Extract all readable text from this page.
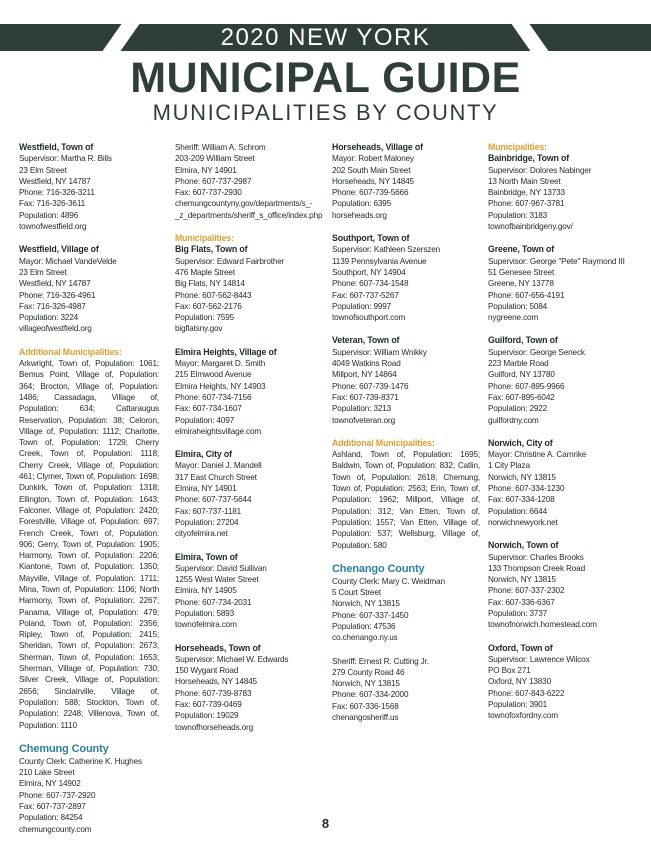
2020 NEW YORK
MUNICIPAL GUIDE
MUNICIPALITIES BY COUNTY
Westfield, Town of
Supervisor: Martha R. Bills
23 Elm Street
Westfield, NY 14787
Phone: 716-326-3211
Fax: 716-326-3611
Population: 4896
townofwestfield.org
Westfield, Village of
Mayor: Michael VandeVelde
23 Elm Street
Westfield, NY 14787
Phone: 716-326-4961
Fax: 716-326-4987
Population: 3224
villageofwestfield.org
Additional Municipalities:
Arkwright, Town of, Population: 1061; Bemus Point, Village of, Population: 364; Brocton, Village of, Population: 1486; Cassadaga, Village of, Population: 634; Cattaraugus Reservation, Population: 38; Celoron, Village of, Population: 1112; Charlotte, Town of, Population: 1729; Cherry Creek, Town of, Population: 1118; Cherry Creek, Village of, Population: 461; Clymer, Town of, Population: 1698; Dunkirk, Town of, Population: 1318; Ellington, Town of, Population: 1643; Falconer, Village of, Population: 2420; Forestville, Village of, Population: 697; French Creek, Town of, Population: 906; Gerry, Town of, Population: 1905; Harmony, Town of, Population: 2206; Kiantone, Town of, Population: 1350; Mayville, Village of, Population: 1711; Mina, Town of, Population: 1106; North Harmony, Town of, Population: 2267; Panama, Village of, Population: 479; Poland, Town of, Population: 2356; Ripley, Town of, Population: 2415; Sheridan, Town of, Population: 2673; Sherman, Town of, Population: 1653; Sherman, Village of, Population: 730; Silver Creek, Village of, Population: 2656; Sinclairville, Village of, Population: 588; Stockton, Town of, Population: 2248; Villenova, Town of, Population: 1110
Chemung County
County Clerk: Catherine K. Hughes
210 Lake Street
Elmira, NY 14902
Phone: 607-737-2920
Fax: 607-737-2897
Population: 84254
chemungcounty.com
Sheriff: William A. Schrom
203-209 William Street
Elmira, NY 14901
Phone: 607-737-2987
Fax: 607-737-2930
chemungcountyny.gov/departments/s_-
_z_departments/sheriff_s_office/index.php
Municipalities:
Big Flats, Town of
Supervisor: Edward Fairbrother
476 Maple Street
Big Flats, NY 14814
Phone: 607-562-8443
Fax: 607-562-2176
Population: 7595
bigflatsny.gov
Elmira Heights, Village of
Mayor: Margaret D. Smith
215 Elmwood Avenue
Elmira Heights, NY 14903
Phone: 607-734-7156
Fax: 607-734-1607
Population: 4097
elmiraheightsvillage.com
Elmira, City of
Mayor: Daniel J. Mandell
317 East Church Street
Elmira, NY 14901
Phone: 607-737-5644
Fax: 607-737-1181
Population: 27204
cityofelmira.net
Elmira, Town of
Supervisor: David Sullivan
1255 West Water Street
Elmira, NY 14905
Phone: 607-734-2031
Population: 5893
townofelmira.com
Horseheads, Town of
Supervisor: Michael W. Edwards
150 Wygant Road
Horseheads, NY 14845
Phone: 607-739-8783
Fax: 607-739-0469
Population: 19029
townofhorseheads.org
Horseheads, Village of
Mayor: Robert Maloney
202 South Main Street
Horseheads, NY 14845
Phone: 607-739-5666
Population: 6395
horseheads.org
Southport, Town of
Supervisor: Kathleen Szerszen
1139 Pennsylvania Avenue
Southport, NY 14904
Phone: 607-734-1548
Fax: 607-737-5267
Population: 9997
townofsouthport.com
Veteran, Town of
Supervisor: William Wnikky
4049 Watkins Road
Millport, NY 14864
Phone: 607-739-1476
Fax: 607-739-8371
Population: 3213
townofveteran.org
Additional Municipalities:
Ashland, Town of, Population: 1695; Baldwin, Town of, Population: 832; Catlin, Town of, Population: 2618; Chemung, Town of, Population: 2563; Erin, Town of, Population: 1962; Millport, Village of, Population: 312; Van Etten, Town of, Population: 1557; Van Etten, Village of, Population: 537; Wellsburg, Village of, Population: 580
Chenango County
County Clerk: Mary C. Weidman
5 Court Street
Norwich, NY 13815
Phone: 607-337-1450
Population: 47536
co.chenango.ny.us
Sheriff: Ernest R. Cutting Jr.
279 County Road 46
Norwich, NY 13815
Phone: 607-334-2000
Fax: 607-336-1568
chenangosheriff.us
Municipalities:
Bainbridge, Town of
Supervisor: Dolores Nabinger
13 North Main Street
Bainbridge, NY 13733
Phone: 607-967-3781
Population: 3183
townofbainbridgeny.gov/
Greene, Town of
Supervisor: George "Pete" Raymond III
51 Genesee Street
Greene, NY 13778
Phone: 607-656-4191
Population: 5084
nygreene.com
Guilford, Town of
Supervisor: George Seneck
223 Marble Road
Guilford, NY 13780
Phone: 607-895-9966
Fax: 607-895-6042
Population: 2922
guilfordny.com
Norwich, City of
Mayor: Christine A. Carnrike
1 City Plaza
Norwich, NY 13815
Phone: 607-334-1230
Fax: 607-334-1208
Population: 6644
norwichnewyork.net
Norwich, Town of
Supervisor: Charles Brooks
133 Thompson Creek Road
Norwich, NY 13815
Phone: 607-337-2302
Fax: 607-336-6367
Population: 3737
townofnorwich.homestead.com
Oxford, Town of
Supervisor: Lawrence Wilcox
PO Box 271
Oxford, NY 13830
Phone: 607-843-6222
Population: 3901
townofoxfordny.com
8
